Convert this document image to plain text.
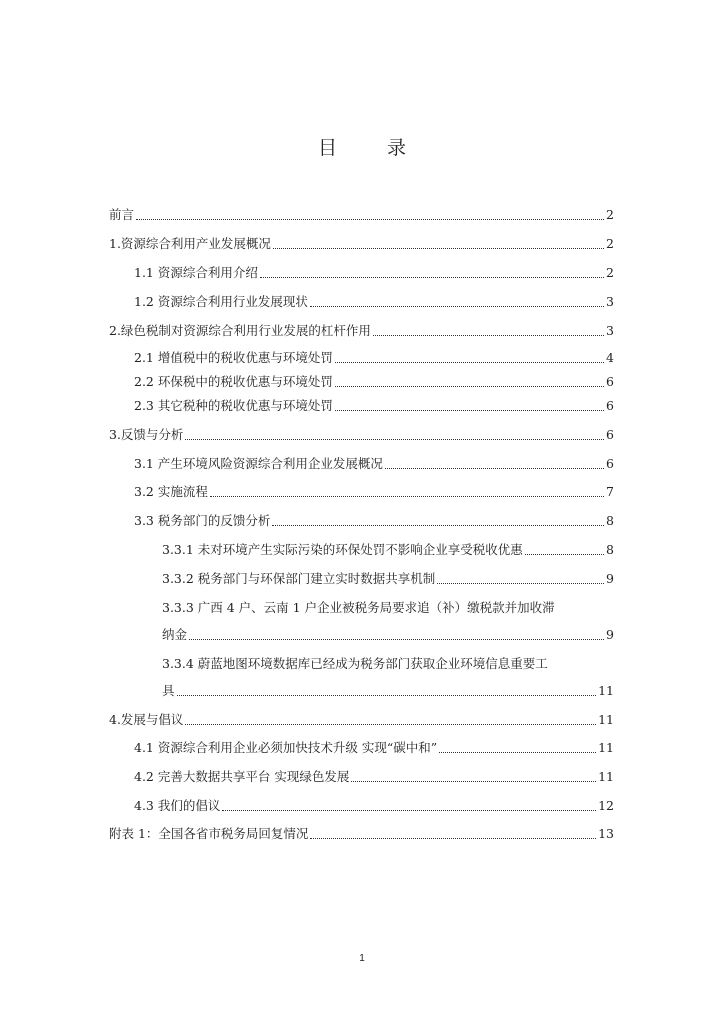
目 录
前言	2
1.资源综合利用产业发展概况	2
1.1 资源综合利用介绍	2
1.2 资源综合利用行业发展现状	3
2.绿色税制对资源综合利用行业发展的杠杆作用	3
2.1 增值税中的税收优惠与环境处罚	4
2.2 环保税中的税收优惠与环境处罚	6
2.3 其它税种的税收优惠与环境处罚	6
3.反馈与分析	6
3.1 产生环境风险资源综合利用企业发展概况	6
3.2 实施流程	7
3.3 税务部门的反馈分析	8
3.3.1 未对环境产生实际污染的环保处罚不影响企业享受税收优惠	8
3.3.2 税务部门与环保部门建立实时数据共享机制	9
3.3.3 广西 4 户、云南 1 户企业被税务局要求追（补）缴税款并加收滞
纳金	9
3.3.4 蔚蓝地图环境数据库已经成为税务部门获取企业环境信息重要工
具	11
4.发展与倡议	11
4.1 资源综合利用企业必须加快技术升级 实现“碳中和”	11
4.2 完善大数据共享平台 实现绿色发展	11
4.3 我们的倡议	12
附表 1：全国各省市税务局回复情况	13
1
